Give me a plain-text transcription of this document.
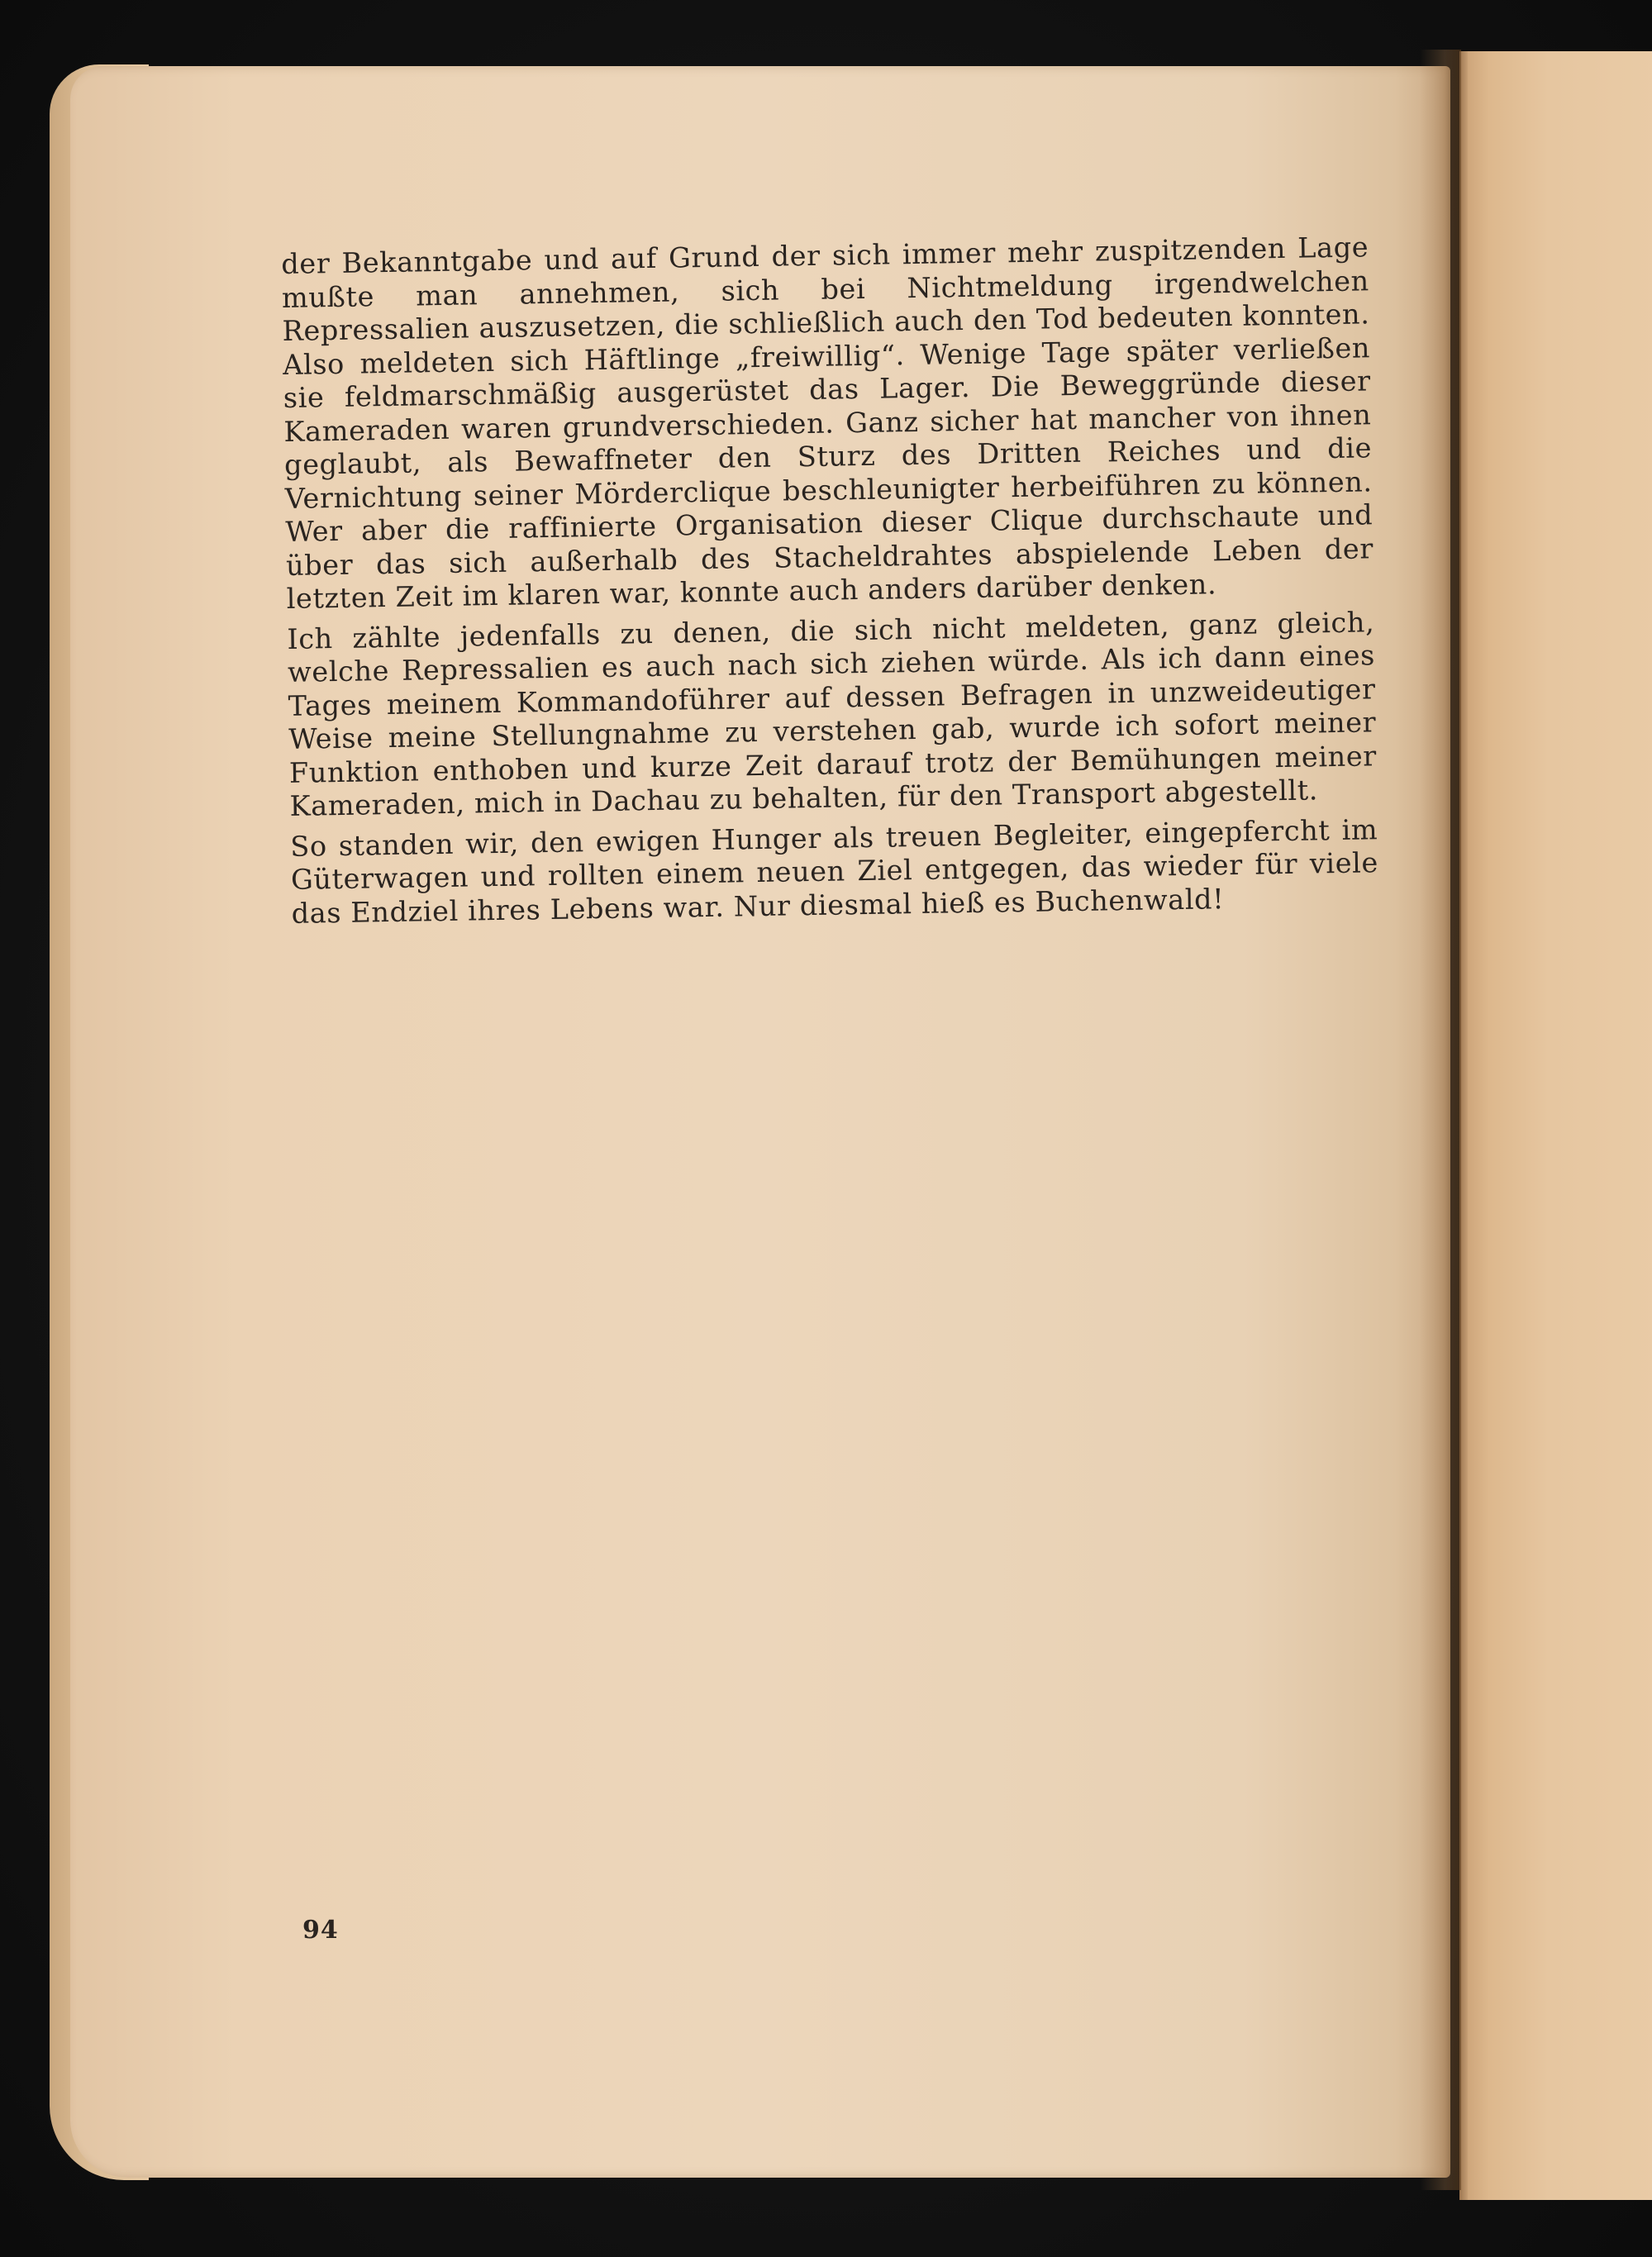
der Bekanntgabe und auf Grund der sich immer mehr zuspitzenden Lage mußte man annehmen, sich bei Nichtmeldung irgendwelchen Repressalien auszusetzen, die schließlich auch den Tod bedeuten konnten. Also meldeten sich Häftlinge „freiwillig“. Wenige Tage später verließen sie feldmarschmäßig ausgerüstet das Lager. Die Beweggründe dieser Kameraden waren grundverschieden. Ganz sicher hat mancher von ihnen geglaubt, als Bewaffneter den Sturz des Dritten Reiches und die Vernichtung seiner Mörderclique beschleunigter herbeiführen zu können. Wer aber die raffinierte Organisation dieser Clique durchschaute und über das sich außerhalb des Stacheldrahtes abspielende Leben der letzten Zeit im klaren war, konnte auch anders darüber denken.

Ich zählte jedenfalls zu denen, die sich nicht meldeten, ganz gleich, welche Repressalien es auch nach sich ziehen würde. Als ich dann eines Tages meinem Kommandoführer auf dessen Befragen in unzweideutiger Weise meine Stellungnahme zu verstehen gab, wurde ich sofort meiner Funktion enthoben und kurze Zeit darauf trotz der Bemühungen meiner Kameraden, mich in Dachau zu behalten, für den Transport abgestellt.

So standen wir, den ewigen Hunger als treuen Begleiter, eingepfercht im Güterwagen und rollten einem neuen Ziel entgegen, das wieder für viele das Endziel ihres Lebens war. Nur diesmal hieß es Buchenwald!

94
